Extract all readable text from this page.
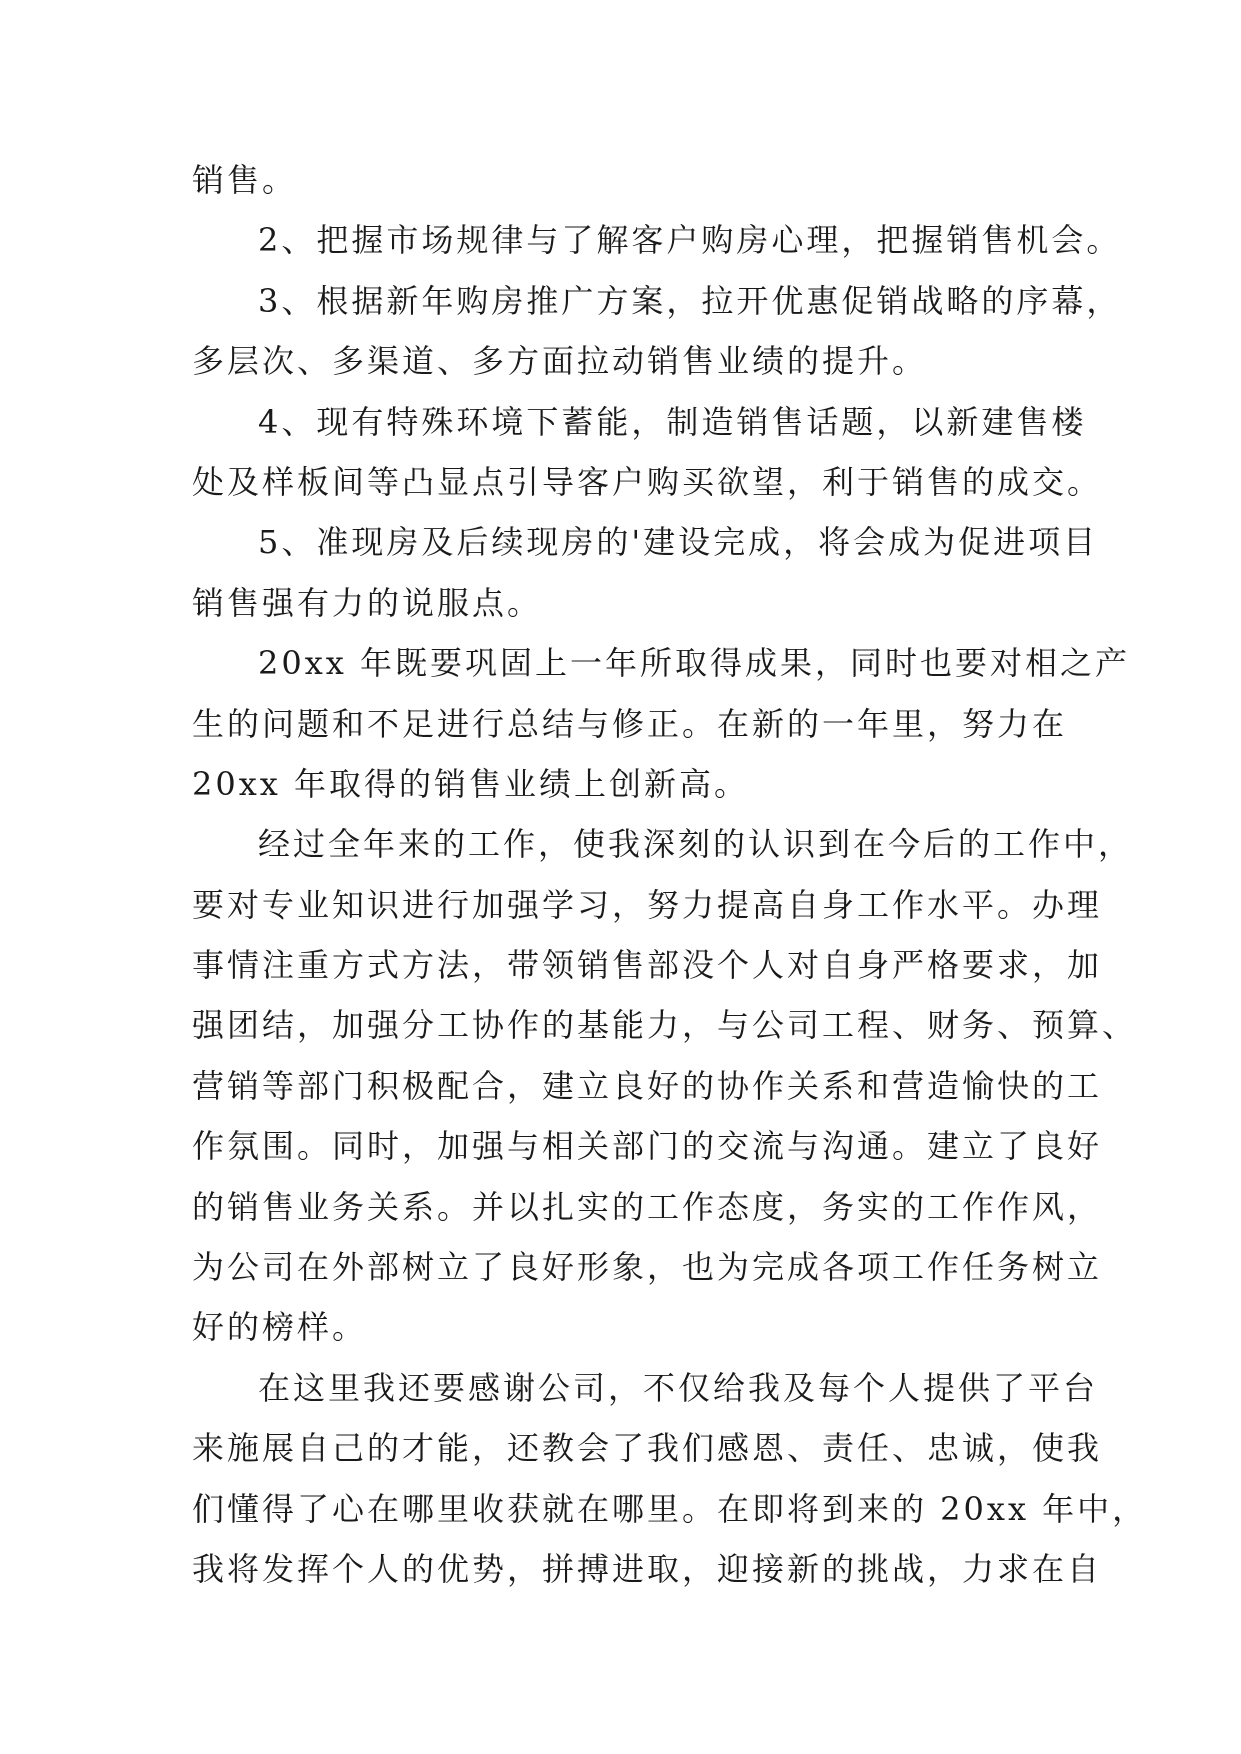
销售。
2、把握市场规律与了解客户购房心理，把握销售机会。
3、根据新年购房推广方案，拉开优惠促销战略的序幕，
多层次、多渠道、多方面拉动销售业绩的提升。
4、现有特殊环境下蓄能，制造销售话题，以新建售楼
处及样板间等凸显点引导客户购买欲望，利于销售的成交。
5、准现房及后续现房的'建设完成，将会成为促进项目
销售强有力的说服点。
20xx 年既要巩固上一年所取得成果，同时也要对相之产
生的问题和不足进行总结与修正。在新的一年里，努力在
20xx 年取得的销售业绩上创新高。
经过全年来的工作，使我深刻的认识到在今后的工作中，
要对专业知识进行加强学习，努力提高自身工作水平。办理
事情注重方式方法，带领销售部没个人对自身严格要求，加
强团结，加强分工协作的基能力，与公司工程、财务、预算、
营销等部门积极配合，建立良好的协作关系和营造愉快的工
作氛围。同时，加强与相关部门的交流与沟通。建立了良好
的销售业务关系。并以扎实的工作态度，务实的工作作风，
为公司在外部树立了良好形象，也为完成各项工作任务树立
好的榜样。
在这里我还要感谢公司，不仅给我及每个人提供了平台
来施展自己的才能，还教会了我们感恩、责任、忠诚，使我
们懂得了心在哪里收获就在哪里。在即将到来的 20xx 年中，
我将发挥个人的优势，拼搏进取，迎接新的挑战，力求在自
